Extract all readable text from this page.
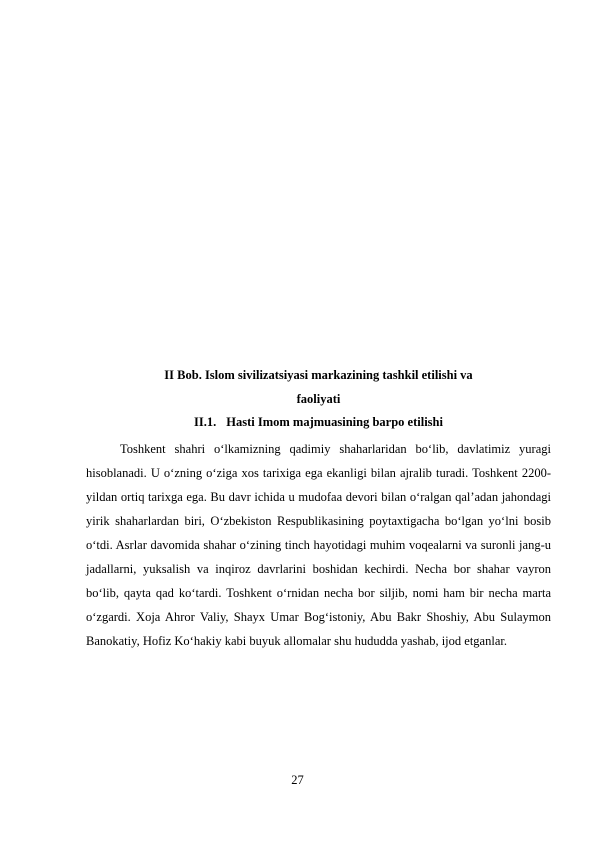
II Bob. Islom sivilizatsiyasi markazining tashkil etilishi va
faoliyati
II.1. Hasti Imom majmuasining barpo etilishi

Toshkent shahri o‘lkamizning qadimiy shaharlaridan bo‘lib, davlatimiz yuragi hisoblanadi. U o‘zning o‘ziga xos tarixiga ega ekanligi bilan ajralib turadi. Toshkent 2200-yildan ortiq tarixga ega. Bu davr ichida u mudofaa devori bilan o‘ralgan qal’adan jahondagi yirik shaharlardan biri, O‘zbekiston Respublikasining poytaxtigacha bo‘lgan yo‘lni bosib o‘tdi. Asrlar davomida shahar o‘zining tinch hayotidagi muhim voqealarni va suronli jang-u jadallarni, yuksalish va inqiroz davrlarini boshidan kechirdi. Necha bor shahar vayron bo‘lib, qayta qad ko‘tardi. Toshkent o‘rnidan necha bor siljib, nomi ham bir necha marta o‘zgardi. Xoja Ahror Valiy, Shayx Umar Bog‘istoniy, Abu Bakr Shoshiy, Abu Sulaymon Banokatiy, Hofiz Ko‘hakiy kabi buyuk allomalar shu hududda yashab, ijod etganlar.

27
